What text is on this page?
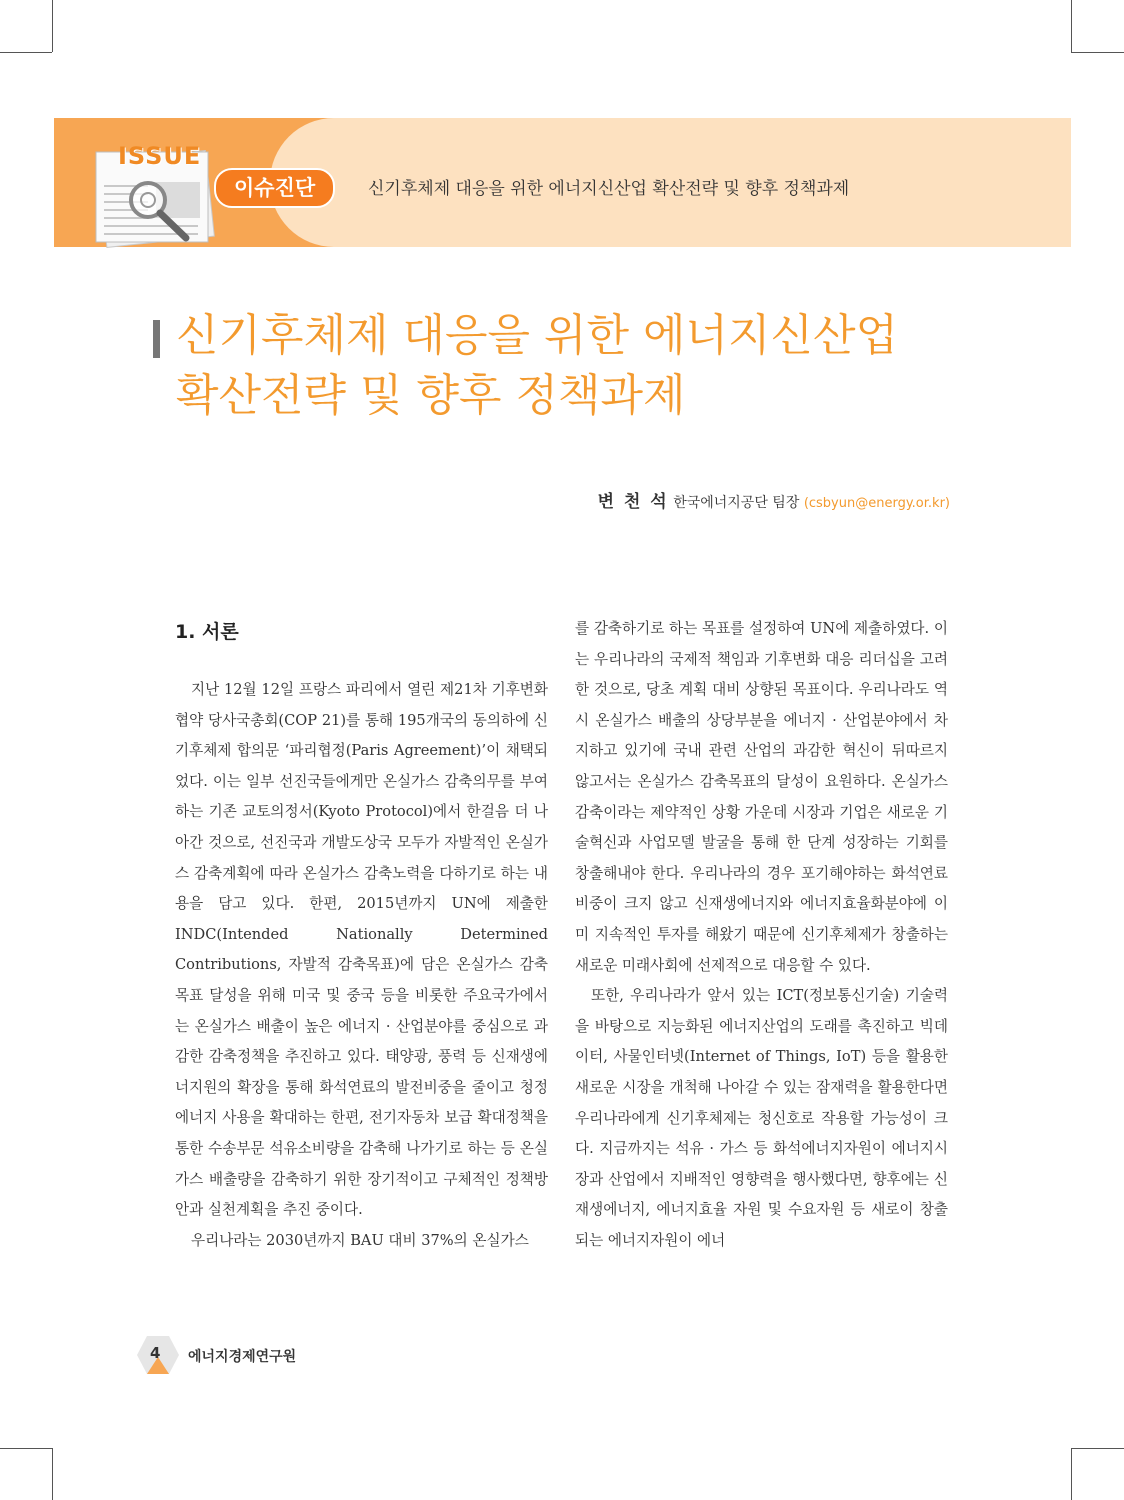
ISSUE
이슈진단	신기후체제 대응을 위한 에너지신산업 확산전략 및 향후 정책과제
신기후체제 대응을 위한 에너지신산업
확산전략 및 향후 정책과제
변 천 석 한국에너지공단 팀장 (csbyun@energy.or.kr)
1. 서론

지난 12월 12일 프랑스 파리에서 열린 제21차 기후변화협약 당사국총회(COP 21)를 통해 195개국의 동의하에 신기후체제 합의문 ‘파리협정(Paris Agreement)’이 채택되었다. 이는 일부 선진국들에게만 온실가스 감축의무를 부여하는 기존 교토의정서(Kyoto Protocol)에서 한걸음 더 나아간 것으로, 선진국과 개발도상국 모두가 자발적인 온실가스 감축계획에 따라 온실가스 감축노력을 다하기로 하는 내용을 담고 있다. 한편, 2015년까지 UN에 제출한 INDC(Intended Nationally Determined Contributions, 자발적 감축목표)에 담은 온실가스 감축목표 달성을 위해 미국 및 중국 등을 비롯한 주요국가에서는 온실가스 배출이 높은 에너지 · 산업분야를 중심으로 과감한 감축정책을 추진하고 있다. 태양광, 풍력 등 신재생에너지원의 확장을 통해 화석연료의 발전비중을 줄이고 청정에너지 사용을 확대하는 한편, 전기자동차 보급 확대정책을 통한 수송부문 석유소비량을 감축해 나가기로 하는 등 온실가스 배출량을 감축하기 위한 장기적이고 구체적인 정책방안과 실천계획을 추진 중이다.

우리나라는 2030년까지 BAU 대비 37%의 온실가스

를 감축하기로 하는 목표를 설정하여 UN에 제출하였다. 이는 우리나라의 국제적 책임과 기후변화 대응 리더십을 고려한 것으로, 당초 계획 대비 상향된 목표이다. 우리나라도 역시 온실가스 배출의 상당부분을 에너지 · 산업분야에서 차지하고 있기에 국내 관련 산업의 과감한 혁신이 뒤따르지 않고서는 온실가스 감축목표의 달성이 요원하다. 온실가스 감축이라는 제약적인 상황 가운데 시장과 기업은 새로운 기술혁신과 사업모델 발굴을 통해 한 단계 성장하는 기회를 창출해내야 한다. 우리나라의 경우 포기해야하는 화석연료 비중이 크지 않고 신재생에너지와 에너지효율화분야에 이미 지속적인 투자를 해왔기 때문에 신기후체제가 창출하는 새로운 미래사회에 선제적으로 대응할 수 있다.

또한, 우리나라가 앞서 있는 ICT(정보통신기술) 기술력을 바탕으로 지능화된 에너지산업의 도래를 촉진하고 빅데이터, 사물인터넷(Internet of Things, IoT) 등을 활용한 새로운 시장을 개척해 나아갈 수 있는 잠재력을 활용한다면 우리나라에게 신기후체제는 청신호로 작용할 가능성이 크다. 지금까지는 석유 · 가스 등 화석에너지자원이 에너지시장과 산업에서 지배적인 영향력을 행사했다면, 향후에는 신재생에너지, 에너지효율 자원 및 수요자원 등 새로이 창출되는 에너지자원이 에너

4 에너지경제연구원
